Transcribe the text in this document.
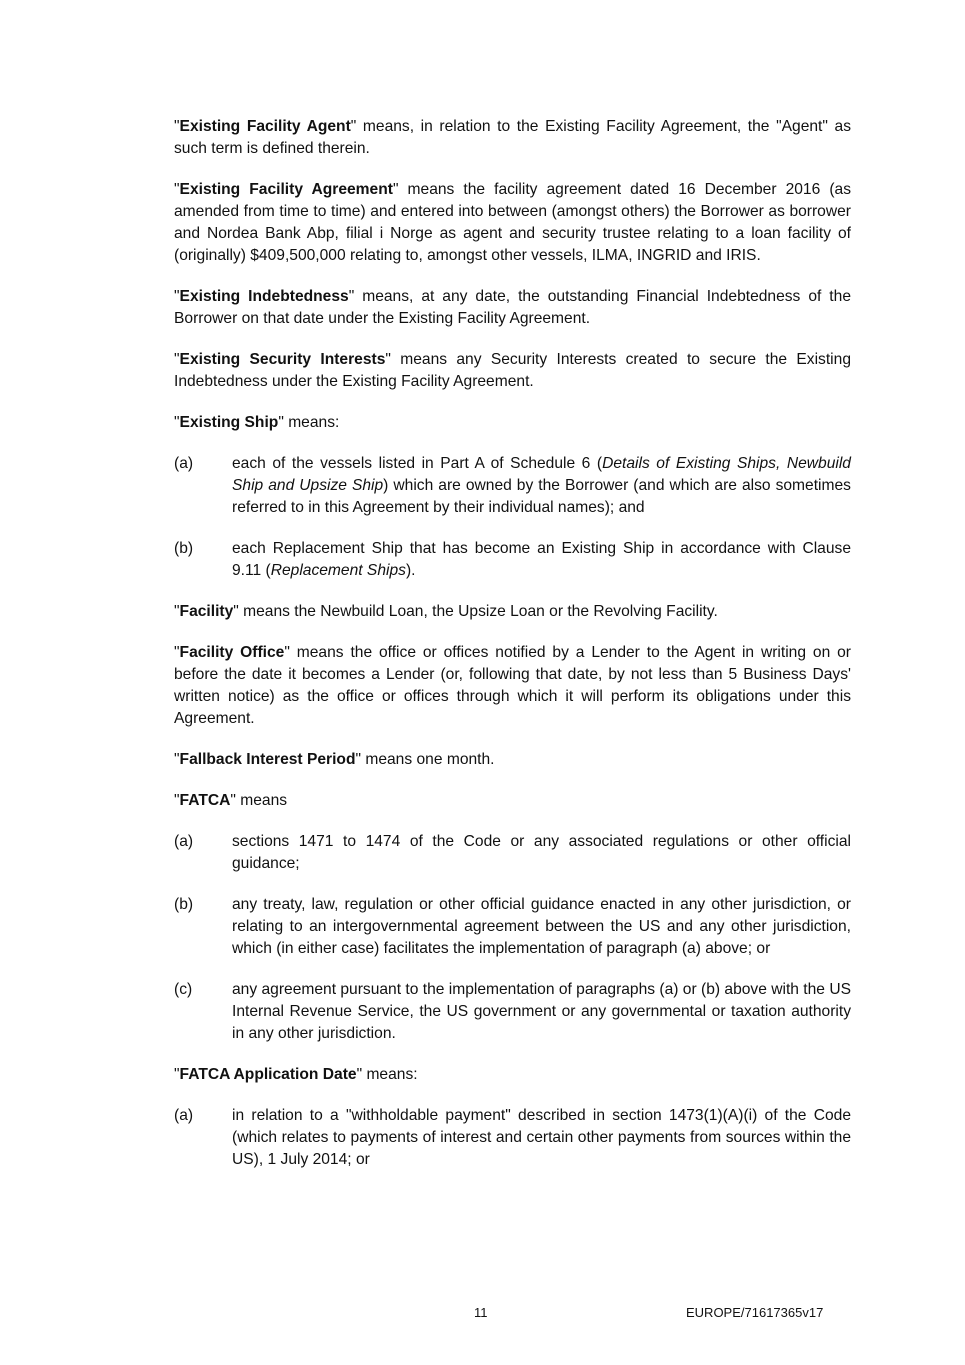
"Existing Facility Agent" means, in relation to the Existing Facility Agreement, the "Agent" as such term is defined therein.

"Existing Facility Agreement" means the facility agreement dated 16 December 2016 (as amended from time to time) and entered into between (amongst others) the Borrower as borrower and Nordea Bank Abp, filial i Norge as agent and security trustee relating to a loan facility of (originally) $409,500,000 relating to, amongst other vessels, ILMA, INGRID and IRIS.

"Existing Indebtedness" means, at any date, the outstanding Financial Indebtedness of the Borrower on that date under the Existing Facility Agreement.

"Existing Security Interests" means any Security Interests created to secure the Existing Indebtedness under the Existing Facility Agreement.

"Existing Ship" means:

(a)	each of the vessels listed in Part A of Schedule 6 (Details of Existing Ships, Newbuild Ship and Upsize Ship) which are owned by the Borrower (and which are also sometimes referred to in this Agreement by their individual names); and
(b)	each Replacement Ship that has become an Existing Ship in accordance with Clause 9.11 (Replacement Ships).

"Facility" means the Newbuild Loan, the Upsize Loan or the Revolving Facility.

"Facility Office" means the office or offices notified by a Lender to the Agent in writing on or before the date it becomes a Lender (or, following that date, by not less than 5 Business Days' written notice) as the office or offices through which it will perform its obligations under this Agreement.

"Fallback Interest Period" means one month.

"FATCA" means

(a)	sections 1471 to 1474 of the Code or any associated regulations or other official guidance;
(b)	any treaty, law, regulation or other official guidance enacted in any other jurisdiction, or relating to an intergovernmental agreement between the US and any other jurisdiction, which (in either case) facilitates the implementation of paragraph (a) above; or
(c)	any agreement pursuant to the implementation of paragraphs (a) or (b) above with the US Internal Revenue Service, the US government or any governmental or taxation authority in any other jurisdiction.

"FATCA Application Date" means:

(a)	in relation to a "withholdable payment" described in section 1473(1)(A)(i) of the Code (which relates to payments of interest and certain other payments from sources within the US), 1 July 2014; or
11	EUROPE/71617365v17
